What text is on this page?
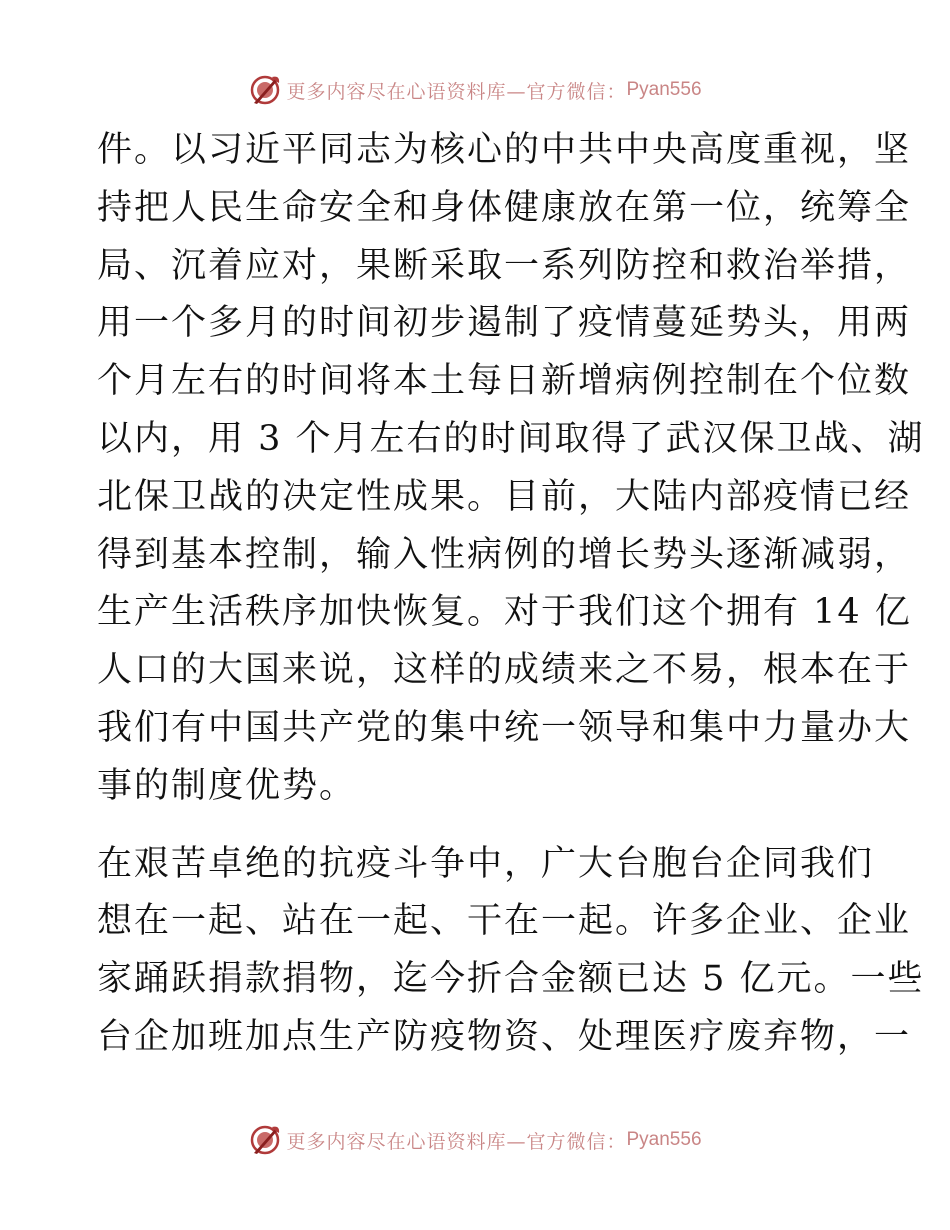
更多内容尽在心语资料库—官方微信： Pyan556
件。以习近平同志为核心的中共中央高度重视，坚
持把人民生命安全和身体健康放在第一位，统筹全
局、沉着应对，果断采取一系列防控和救治举措，
用一个多月的时间初步遏制了疫情蔓延势头，用两
个月左右的时间将本土每日新增病例控制在个位数
以内，用 3 个月左右的时间取得了武汉保卫战、湖
北保卫战的决定性成果。目前，大陆内部疫情已经
得到基本控制，输入性病例的增长势头逐渐减弱，
生产生活秩序加快恢复。对于我们这个拥有 14 亿
人口的大国来说，这样的成绩来之不易，根本在于
我们有中国共产党的集中统一领导和集中力量办大
事的制度优势。
在艰苦卓绝的抗疫斗争中，广大台胞台企同我们
想在一起、站在一起、干在一起。许多企业、企业
家踊跃捐款捐物，迄今折合金额已达 5 亿元。一些
台企加班加点生产防疫物资、处理医疗废弃物，一
更多内容尽在心语资料库—官方微信： Pyan556
